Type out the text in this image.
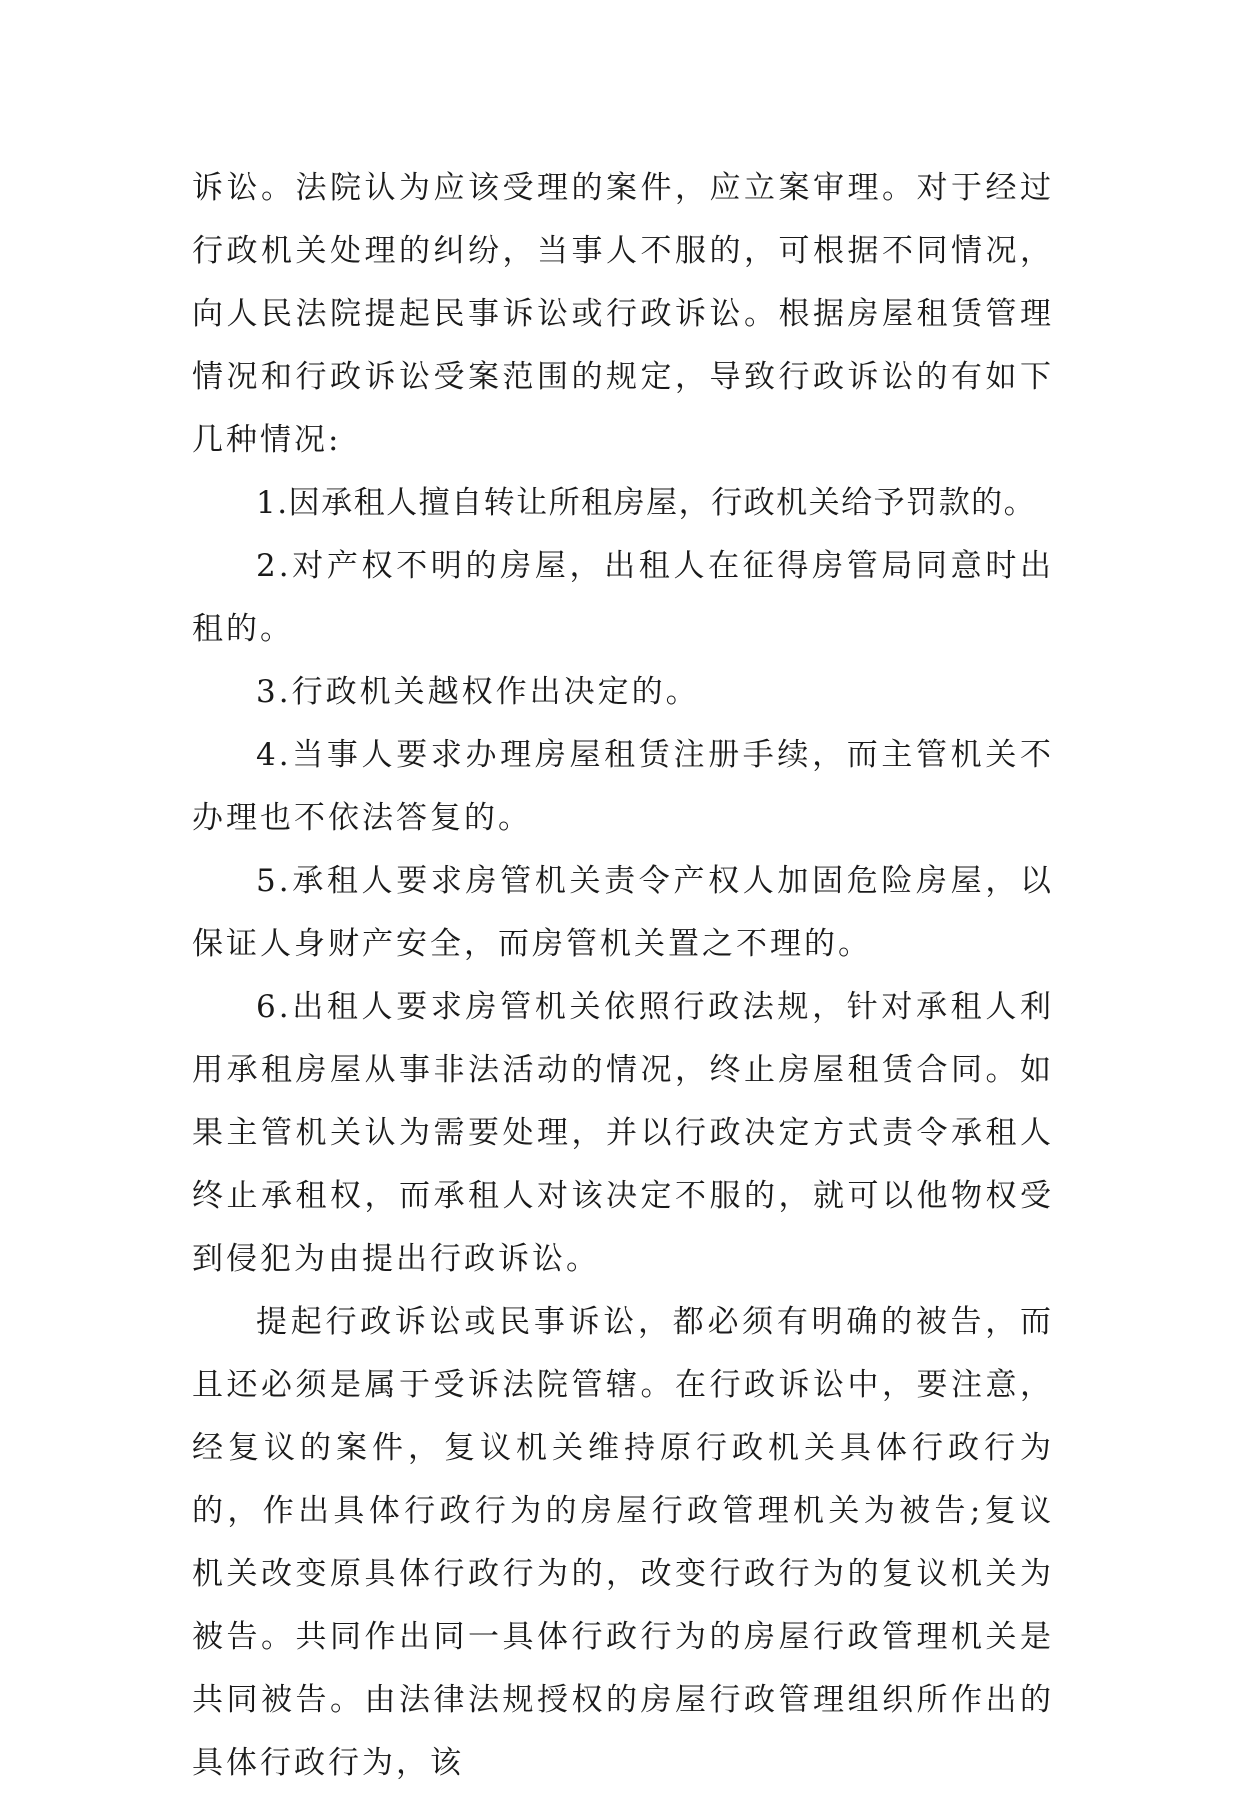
诉讼。法院认为应该受理的案件，应立案审理。对于经过行政机关处理的纠纷，当事人不服的，可根据不同情况，向人民法院提起民事诉讼或行政诉讼。根据房屋租赁管理情况和行政诉讼受案范围的规定，导致行政诉讼的有如下几种情况:

1.因承租人擅自转让所租房屋，行政机关给予罚款的。

2.对产权不明的房屋，出租人在征得房管局同意时出租的。

3.行政机关越权作出决定的。

4.当事人要求办理房屋租赁注册手续，而主管机关不办理也不依法答复的。

5.承租人要求房管机关责令产权人加固危险房屋，以保证人身财产安全，而房管机关置之不理的。

6.出租人要求房管机关依照行政法规，针对承租人利用承租房屋从事非法活动的情况，终止房屋租赁合同。如果主管机关认为需要处理，并以行政决定方式责令承租人终止承租权，而承租人对该决定不服的，就可以他物权受到侵犯为由提出行政诉讼。

提起行政诉讼或民事诉讼，都必须有明确的被告，而且还必须是属于受诉法院管辖。在行政诉讼中，要注意，经复议的案件，复议机关维持原行政机关具体行政行为的，作出具体行政行为的房屋行政管理机关为被告;复议机关改变原具体行政行为的，改变行政行为的复议机关为被告。共同作出同一具体行政行为的房屋行政管理机关是共同被告。由法律法规授权的房屋行政管理组织所作出的具体行政行为，该
